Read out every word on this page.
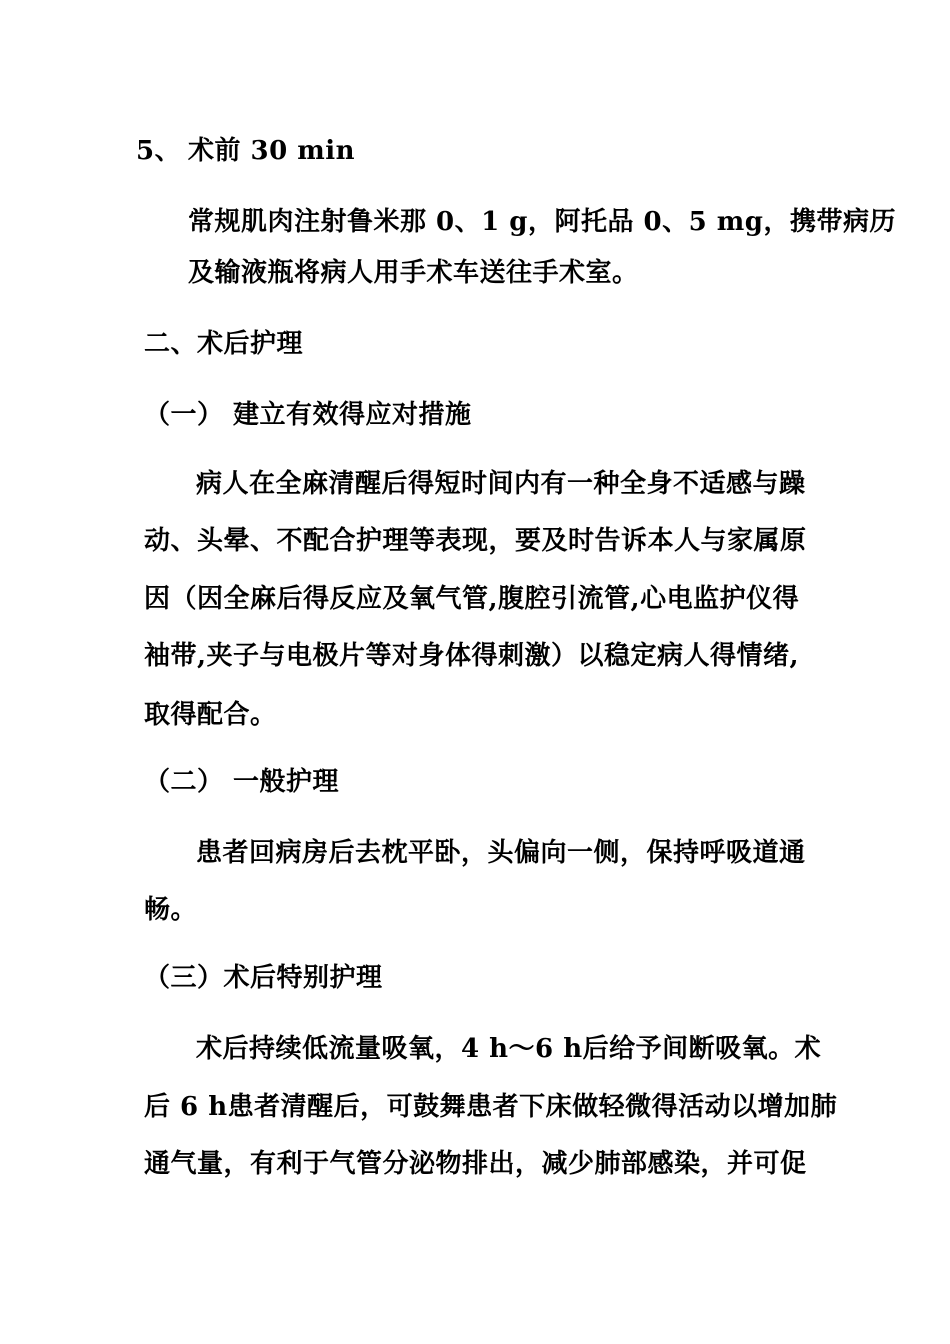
5、 术前 30 min
常规肌肉注射鲁米那 0、1 g，阿托品 0、5 mg，携带病历
及输液瓶将病人用手术车送往手术室。
二、术后护理
（一） 建立有效得应对措施
病人在全麻清醒后得短时间内有一种全身不适感与躁
动、头晕、不配合护理等表现，要及时告诉本人与家属原
因（因全麻后得反应及氧气管,腹腔引流管,心电监护仪得
袖带,夹子与电极片等对身体得刺激）以稳定病人得情绪,
取得配合。
（二） 一般护理
患者回病房后去枕平卧，头偏向一侧，保持呼吸道通
畅。
（三）术后特别护理
术后持续低流量吸氧，4 h～6 h后给予间断吸氧。术
后 6 h患者清醒后，可鼓舞患者下床做轻微得活动以增加肺
通气量，有利于气管分泌物排出，减少肺部感染，并可促
